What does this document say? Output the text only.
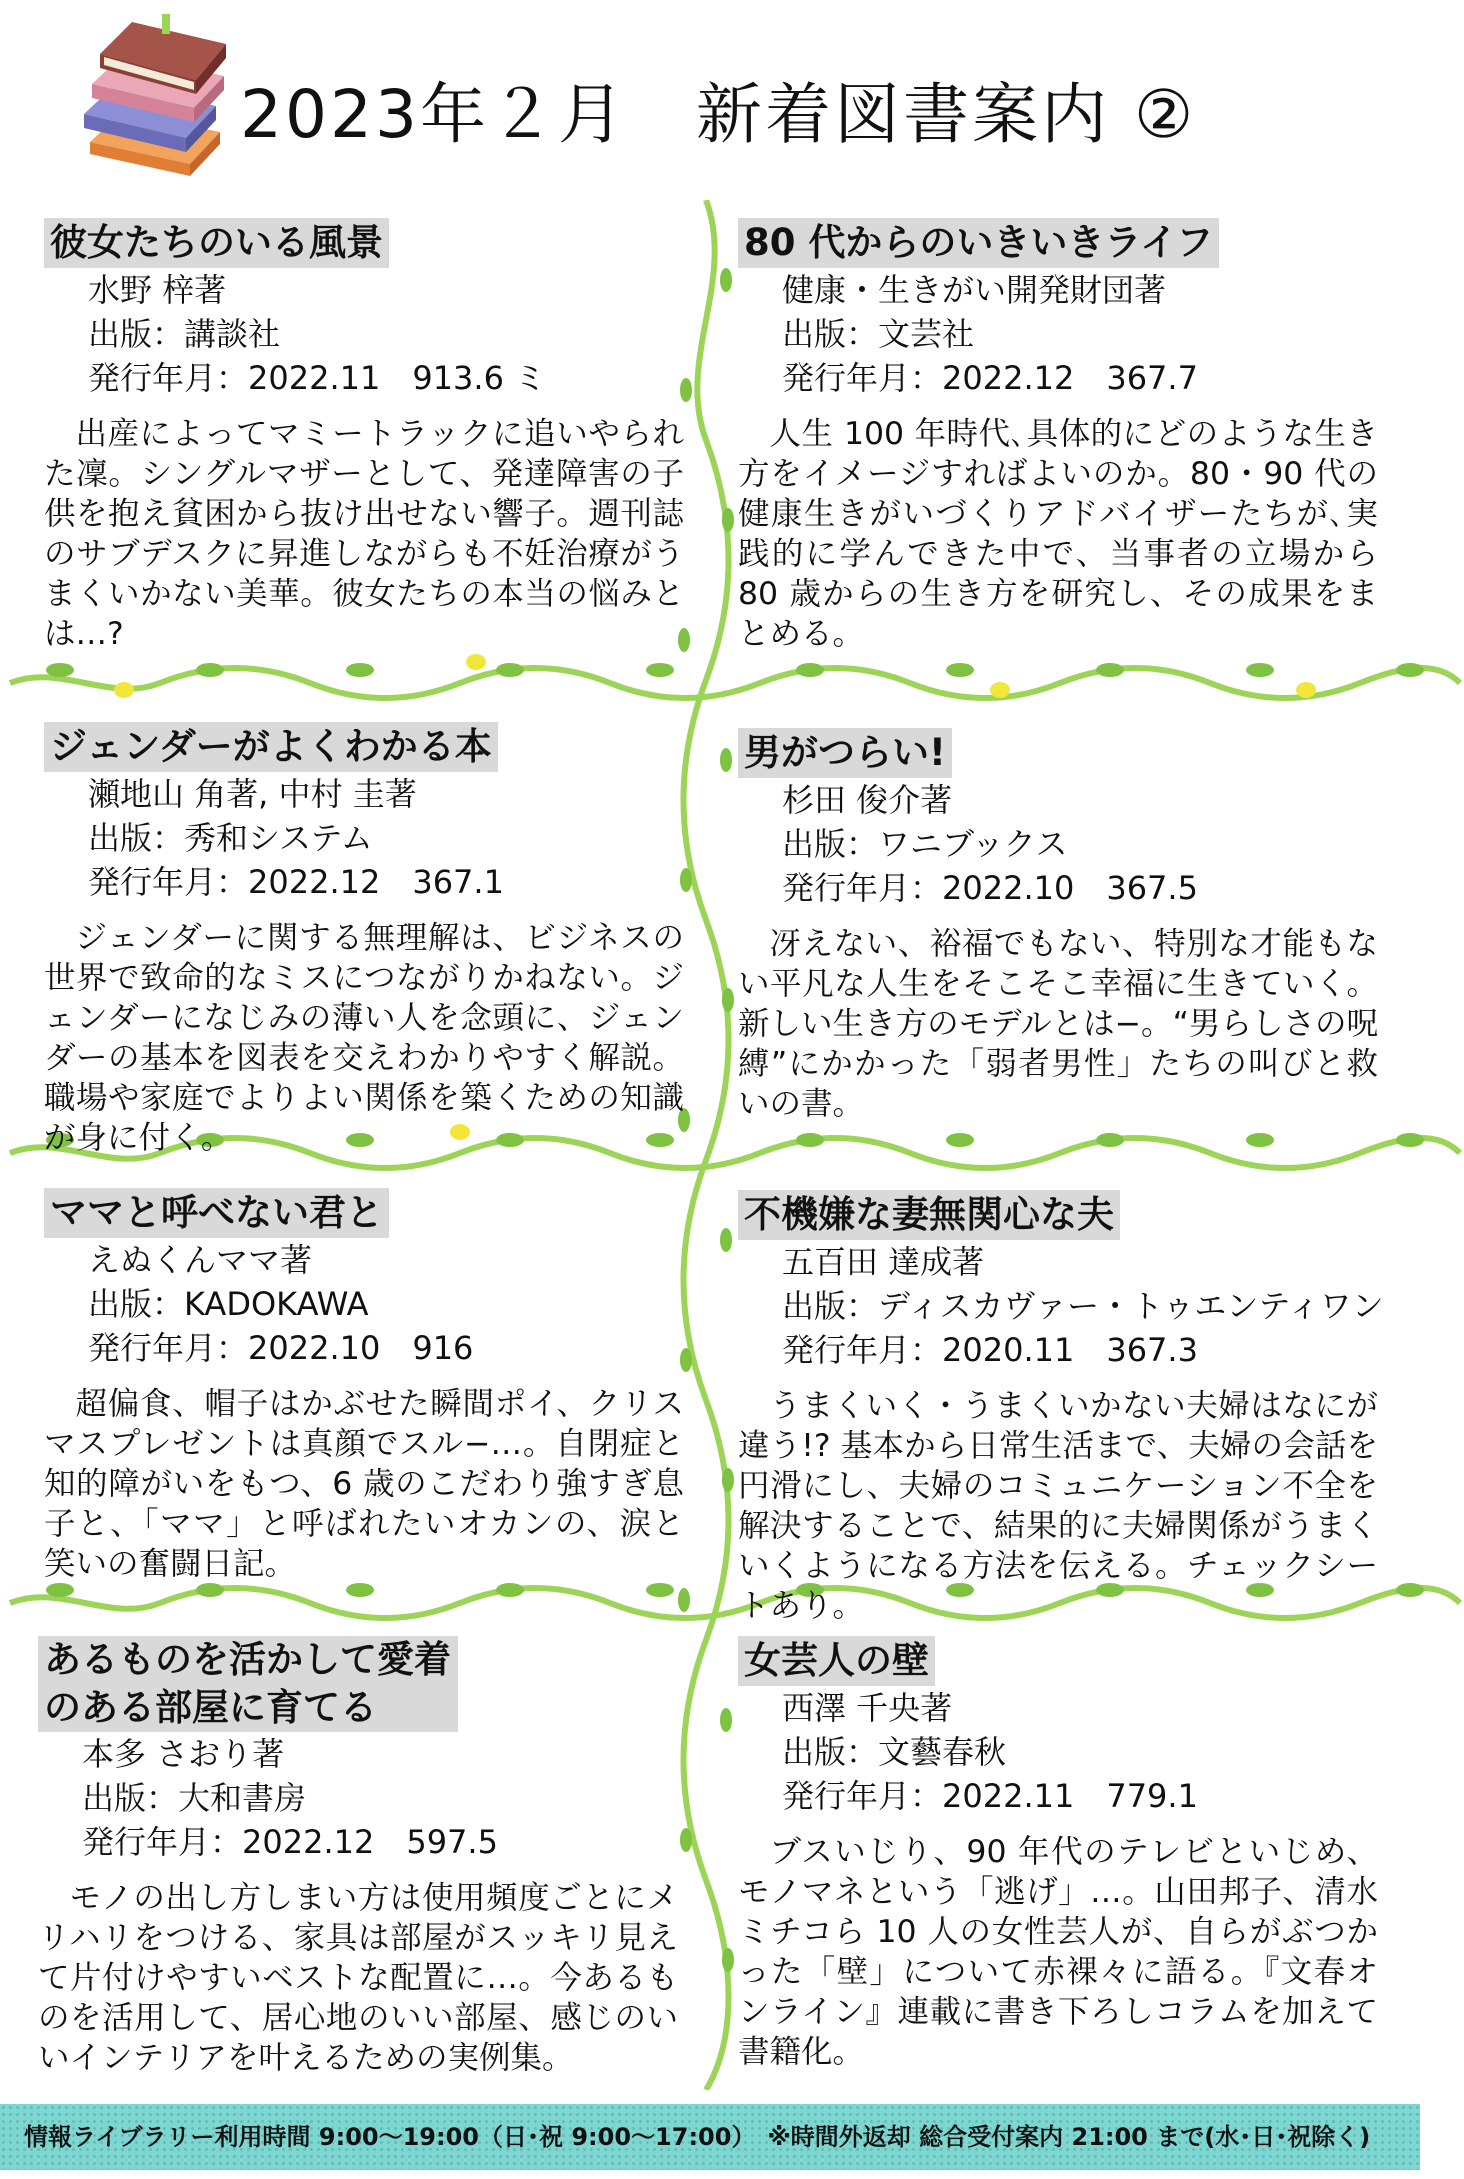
2023年２月　新着図書案内 ②
彼女たちのいる風景
水野 梓著
出版：講談社
発行年月：2022.11　913.6 ミ
出産によってマミートラックに追いやられた凜。シングルマザーとして、発達障害の子供を抱え貧困から抜け出せない響子。週刊誌のサブデスクに昇進しながらも不妊治療がうまくいかない美華。彼女たちの本当の悩みとは…?
80 代からのいきいきライフ
健康・生きがい開発財団著
出版：文芸社
発行年月：2022.12　367.7
人生 100 年時代､具体的にどのような生き方をイメージすればよいのか。80・90 代の健康生きがいづくりアドバイザーたちが､実践的に学んできた中で、当事者の立場から 80 歳からの生き方を研究し、その成果をまとめる。
ジェンダーがよくわかる本
瀬地山 角著, 中村 圭著
出版：秀和システム
発行年月：2022.12　367.1
ジェンダーに関する無理解は、ビジネスの世界で致命的なミスにつながりかねない。ジェンダーになじみの薄い人を念頭に、ジェンダーの基本を図表を交えわかりやすく解説。職場や家庭でよりよい関係を築くための知識が身に付く。
男がつらい!
杉田 俊介著
出版：ワニブックス
発行年月：2022.10　367.5
冴えない、裕福でもない、特別な才能もない平凡な人生をそこそこ幸福に生きていく。新しい生き方のモデルとは−。“男らしさの呪縛”にかかった「弱者男性」たちの叫びと救いの書。
ママと呼べない君と
えぬくんママ著
出版：KADOKAWA
発行年月：2022.10　916
超偏食、帽子はかぶせた瞬間ポイ、クリスマスプレゼントは真顔でスル−…。自閉症と知的障がいをもつ、6 歳のこだわり強すぎ息子と、「ママ」と呼ばれたいオカンの、涙と笑いの奮闘日記。
不機嫌な妻無関心な夫
五百田 達成著
出版：ディスカヴァー・トゥエンティワン
発行年月：2020.11　367.3
うまくいく・うまくいかない夫婦はなにが違う!? 基本から日常生活まで、夫婦の会話を円滑にし、夫婦のコミュニケーション不全を解決することで、結果的に夫婦関係がうまくいくようになる方法を伝える。チェックシートあり。
あるものを活かして愛着のある部屋に育てる
本多 さおり著
出版：大和書房
発行年月：2022.12　597.5
モノの出し方しまい方は使用頻度ごとにメリハリをつける、家具は部屋がスッキリ見えて片付けやすいベストな配置に…。今あるものを活用して、居心地のいい部屋、感じのいいインテリアを叶えるための実例集。
女芸人の壁
西澤 千央著
出版：文藝春秋
発行年月：2022.11　779.1
ブスいじり、90 年代のテレビといじめ、モノマネという「逃げ」…。山田邦子、清水ミチコら 10 人の女性芸人が、自らがぶつかった「壁」について赤裸々に語る。『文春オンライン』連載に書き下ろしコラムを加えて書籍化。
情報ライブラリー利用時間 9:00〜19:00（日･祝 9:00〜17:00）　※時間外返却 総合受付案内 21:00 まで(水･日･祝除く)
